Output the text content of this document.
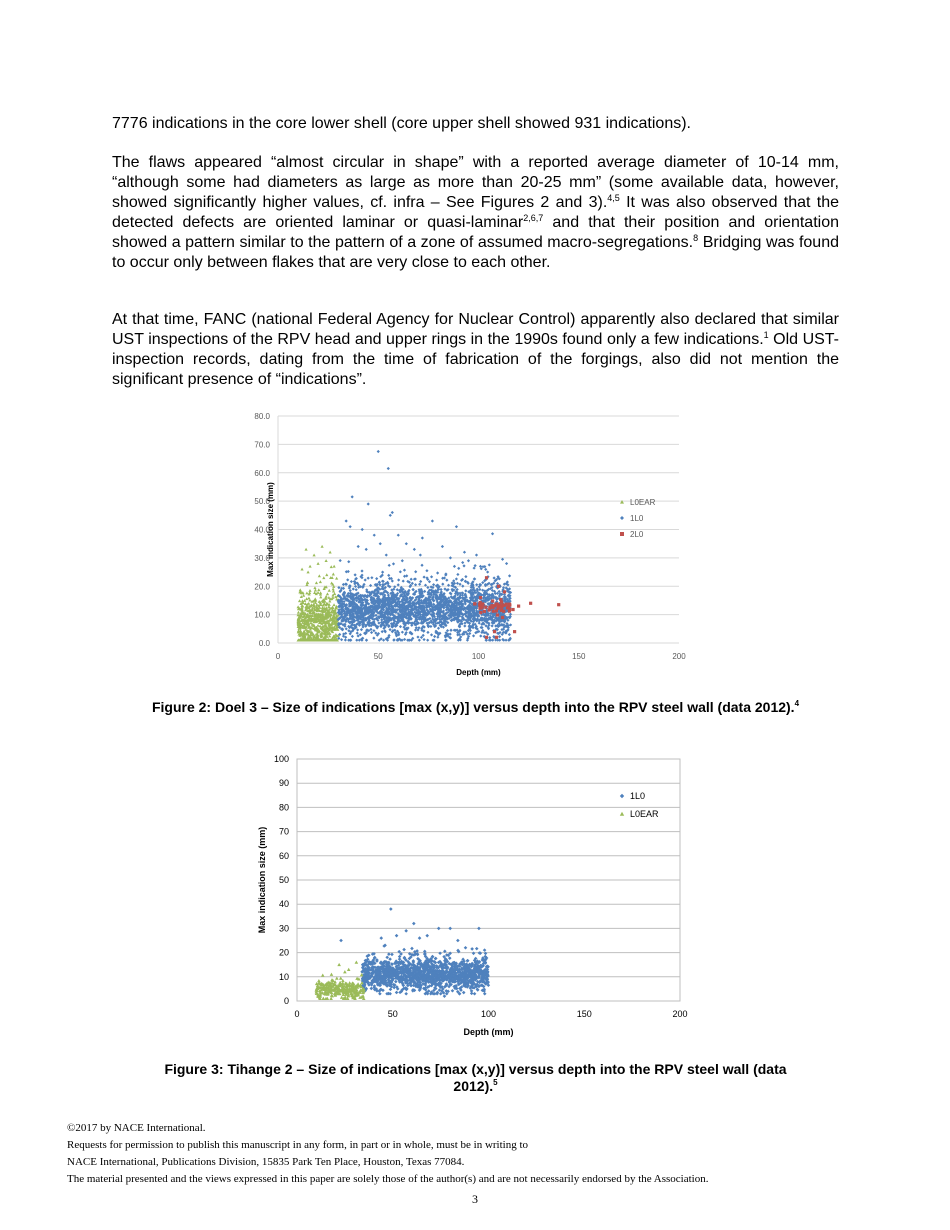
7776 indications in the core lower shell (core upper shell showed 931 indications).

The flaws appeared “almost circular in shape” with a reported average diameter of 10-14 mm, “although some had diameters as large as more than 20-25 mm” (some available data, however, showed significantly higher values, cf. infra – See Figures 2 and 3).$^{4,5}$ It was also observed that the detected defects are oriented laminar or quasi-laminar$^{2,6,7}$ and that their position and orientation showed a pattern similar to the pattern of a zone of assumed macro-segregations.$^8$ Bridging was found to occur only between flakes that are very close to each other.

At that time, FANC (national Federal Agency for Nuclear Control) apparently also declared that similar UST inspections of the RPV head and upper rings in the 1990s found only a few indications.$^1$ Old UST-inspection records, dating from the time of fabrication of the forgings, also did not mention the significant presence of “indications”.

0.0
10.0
20.0
30.0
40.0
50.0
60.0
70.0
80.0
0	50	100	150	200
Depth (mm)
Max indication size (mm)	L0EAR
1L0
2L0
0
10
20
30
40
50
60
70
80
90
100
0	50	100	150	200
Depth (mm)
Max indication size (mm)
1L0
L0EAR

Figure 2: Doel 3 – Size of indications [max (x,y)] versus depth into the RPV steel wall (data 2012).$^4$

Figure 3: Tihange 2 – Size of indications [max (x,y)] versus depth into the RPV steel wall (data
2012).$^5$

©2017 by NACE International.

Requests for permission to publish this manuscript in any form, in part or in whole, must be in writing to

NACE International, Publications Division, 15835 Park Ten Place, Houston, Texas 77084.

The material presented and the views expressed in this paper are solely those of the author(s) and are not necessarily endorsed by the Association.

3
